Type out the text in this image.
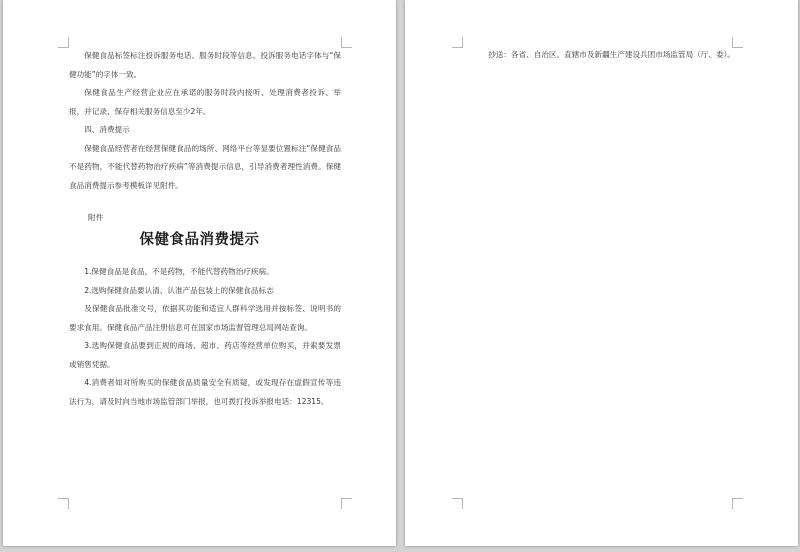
保健食品标签标注投诉服务电话、服务时段等信息。投诉服务电话字体与“保健功能”的字体一致。

保健食品生产经营企业应在承诺的服务时段内接听、处理消费者投诉、举报，并记录、保存相关服务信息至少2年。

四、消费提示

保健食品经营者在经营保健食品的场所、网络平台等显要位置标注“保健食品不是药物，不能代替药物治疗疾病”等消费提示信息，引导消费者理性消费。保健食品消费提示参考模板详见附件。

附件

保健食品消费提示

1.保健食品是食品，不是药物，不能代替药物治疗疾病。

2.选购保健食品要认清、认准产品包装上的保健食品标志

及保健食品批准文号，依据其功能和适宜人群科学选用并按标签、说明书的要求食用。保健食品产品注册信息可在国家市场监督管理总局网站查询。

3.选购保健食品要到正规的商场、超市、药店等经营单位购买，并索要发票或销售凭据。

4.消费者如对所购买的保健食品质量安全有质疑，或发现存在虚假宣传等违法行为，请及时向当地市场监管部门举报，也可拨打投诉举报电话：12315。

抄送：各省、自治区、直辖市及新疆生产建设兵团市场监管局（厅、委）。
